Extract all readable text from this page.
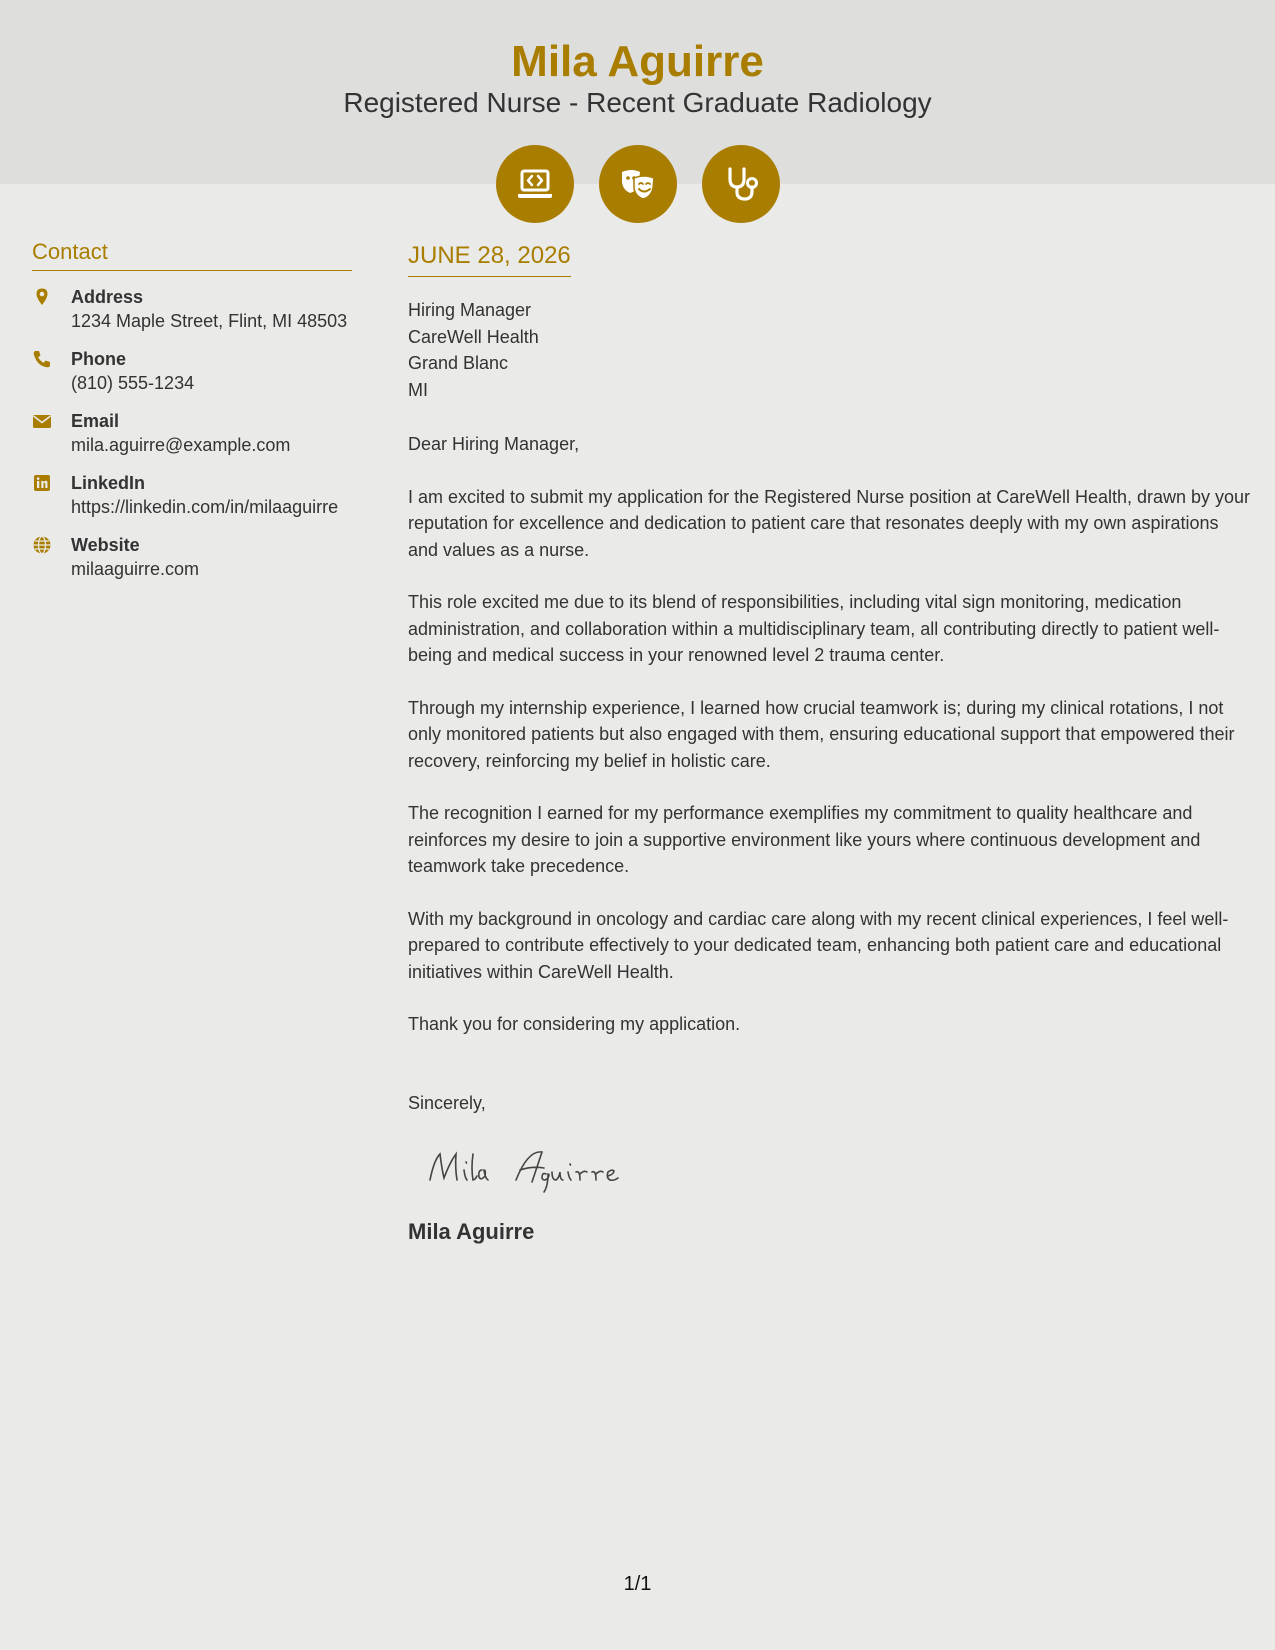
Mila Aguirre
Registered Nurse - Recent Graduate Radiology
Contact
Address
1234 Maple Street, Flint, MI 48503
Phone
(810) 555-1234
Email
mila.aguirre@example.com
LinkedIn
https://linkedin.com/in/milaaguirre
Website
milaaguirre.com
JUNE 28, 2026
Hiring Manager
CareWell Health
Grand Blanc
MI

Dear Hiring Manager,

I am excited to submit my application for the Registered Nurse position at CareWell Health, drawn by your reputation for excellence and dedication to patient care that resonates deeply with my own aspirations and values as a nurse.

This role excited me due to its blend of responsibilities, including vital sign monitoring, medication administration, and collaboration within a multidisciplinary team, all contributing directly to patient well-being and medical success in your renowned level 2 trauma center.

Through my internship experience, I learned how crucial teamwork is; during my clinical rotations, I not only monitored patients but also engaged with them, ensuring educational support that empowered their recovery, reinforcing my belief in holistic care.

The recognition I earned for my performance exemplifies my commitment to quality healthcare and reinforces my desire to join a supportive environment like yours where continuous development and teamwork take precedence.

With my background in oncology and cardiac care along with my recent clinical experiences, I feel well-prepared to contribute effectively to your dedicated team, enhancing both patient care and educational initiatives within CareWell Health.

Thank you for considering my application.

Sincerely,

Mila Aguirre
1/1
